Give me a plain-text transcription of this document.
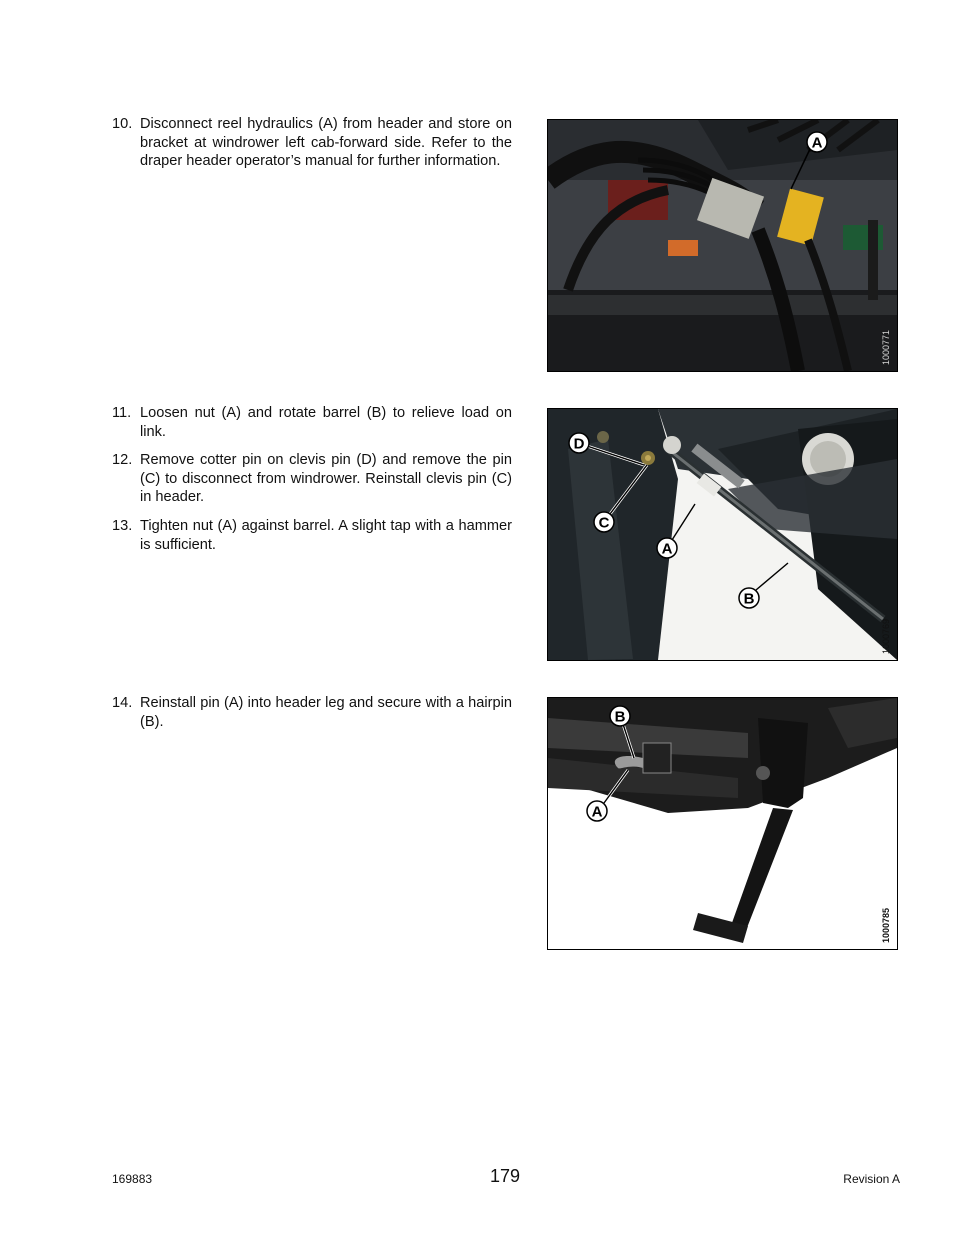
10. Disconnect reel hydraulics (A) from header and store on bracket at windrower left cab-forward side. Refer to the draper header operator’s manual for further information.
11. Loosen nut (A) and rotate barrel (B) to relieve load on link.
12. Remove cotter pin on clevis pin (D) and remove the pin (C) to disconnect from windrower. Reinstall clevis pin (C) in header.
13. Tighten nut (A) against barrel. A slight tap with a hammer is sufficient.
14. Reinstall pin (A) into header leg and secure with a hairpin (B).
A
1000771
D
C
A
B
1000769
B
A
1000785
169883	179	Revision A
